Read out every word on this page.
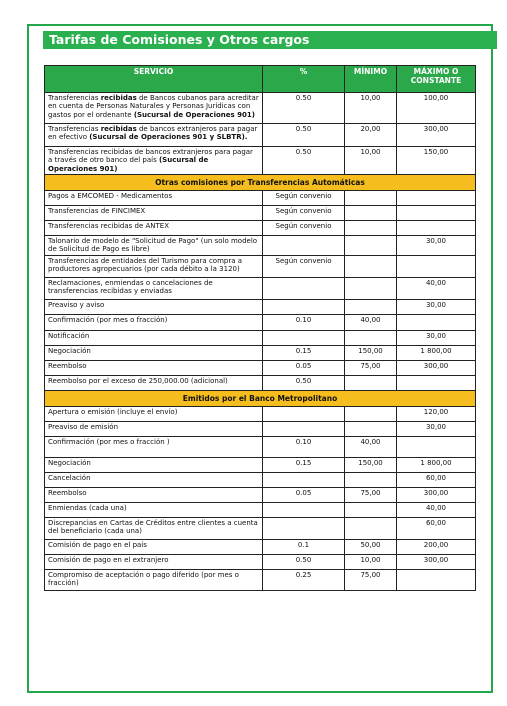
Tarifas de Comisiones y Otros cargos
SERVICIO	%	MÍNIMO	MÁXIMO O CONSTANTE
Transferencias recibidas de Bancos cubanos para acreditar en cuenta de Personas Naturales y Personas Jurídicas con gastos por el ordenante (Sucursal de Operaciones 901)	0.50	10,00	100,00
Transferencias recibidas de bancos extranjeros para pagar en efectivo (Sucursal de Operaciones 901 y SLBTR).	0.50	20,00	300,00
Transferencias recibidas de bancos extranjeros para pagar a través de otro banco del país (Sucursal de Operaciones 901)	0.50	10,00	150,00
Otras comisiones por Transferencias Automáticas			
Pagos a EMCOMED - Medicamentos	Según convenio		
Transferencias de FINCIMEX	Según convenio		
Transferencias recibidas de ANTEX	Según convenio		
Talonario de modelo de "Solicitud de Pago" (un solo modelo de Solicitud de Pago es libre)			30,00
Transferencias de entidades del Turismo para compra a productores agropecuarios (por cada débito a la 3120)	Según convenio		
Reclamaciones, enmiendas o cancelaciones de transferencias recibidas y enviadas			40,00
Preaviso y aviso			30,00
Confirmación (por mes o fracción)	0.10	40,00	
Notificación			30,00
Negociación	0.15	150,00	1 800,00
Reembolso	0.05	75,00	300,00
Reembolso por el exceso de 250,000.00 (adicional)	0.50		
Emitidos por el Banco Metropolitano			
Apertura o emisión (incluye el envío)			120,00
Preaviso de emisión			30,00
Confirmación (por mes o fracción )	0.10	40,00	
Negociación	0.15	150,00	1 800,00
Cancelación			60,00
Reembolso	0.05	75,00	300,00
Enmiendas (cada una)			40,00
Discrepancias en Cartas de Créditos entre clientes a cuenta del beneficiario (cada una)			60,00
Comisión de pago en el país	0.1	50,00	200,00
Comisión de pago en el extranjero	0.50	10,00	300,00
Compromiso de aceptación o pago diferido (por mes o fracción)	0.25	75,00	
